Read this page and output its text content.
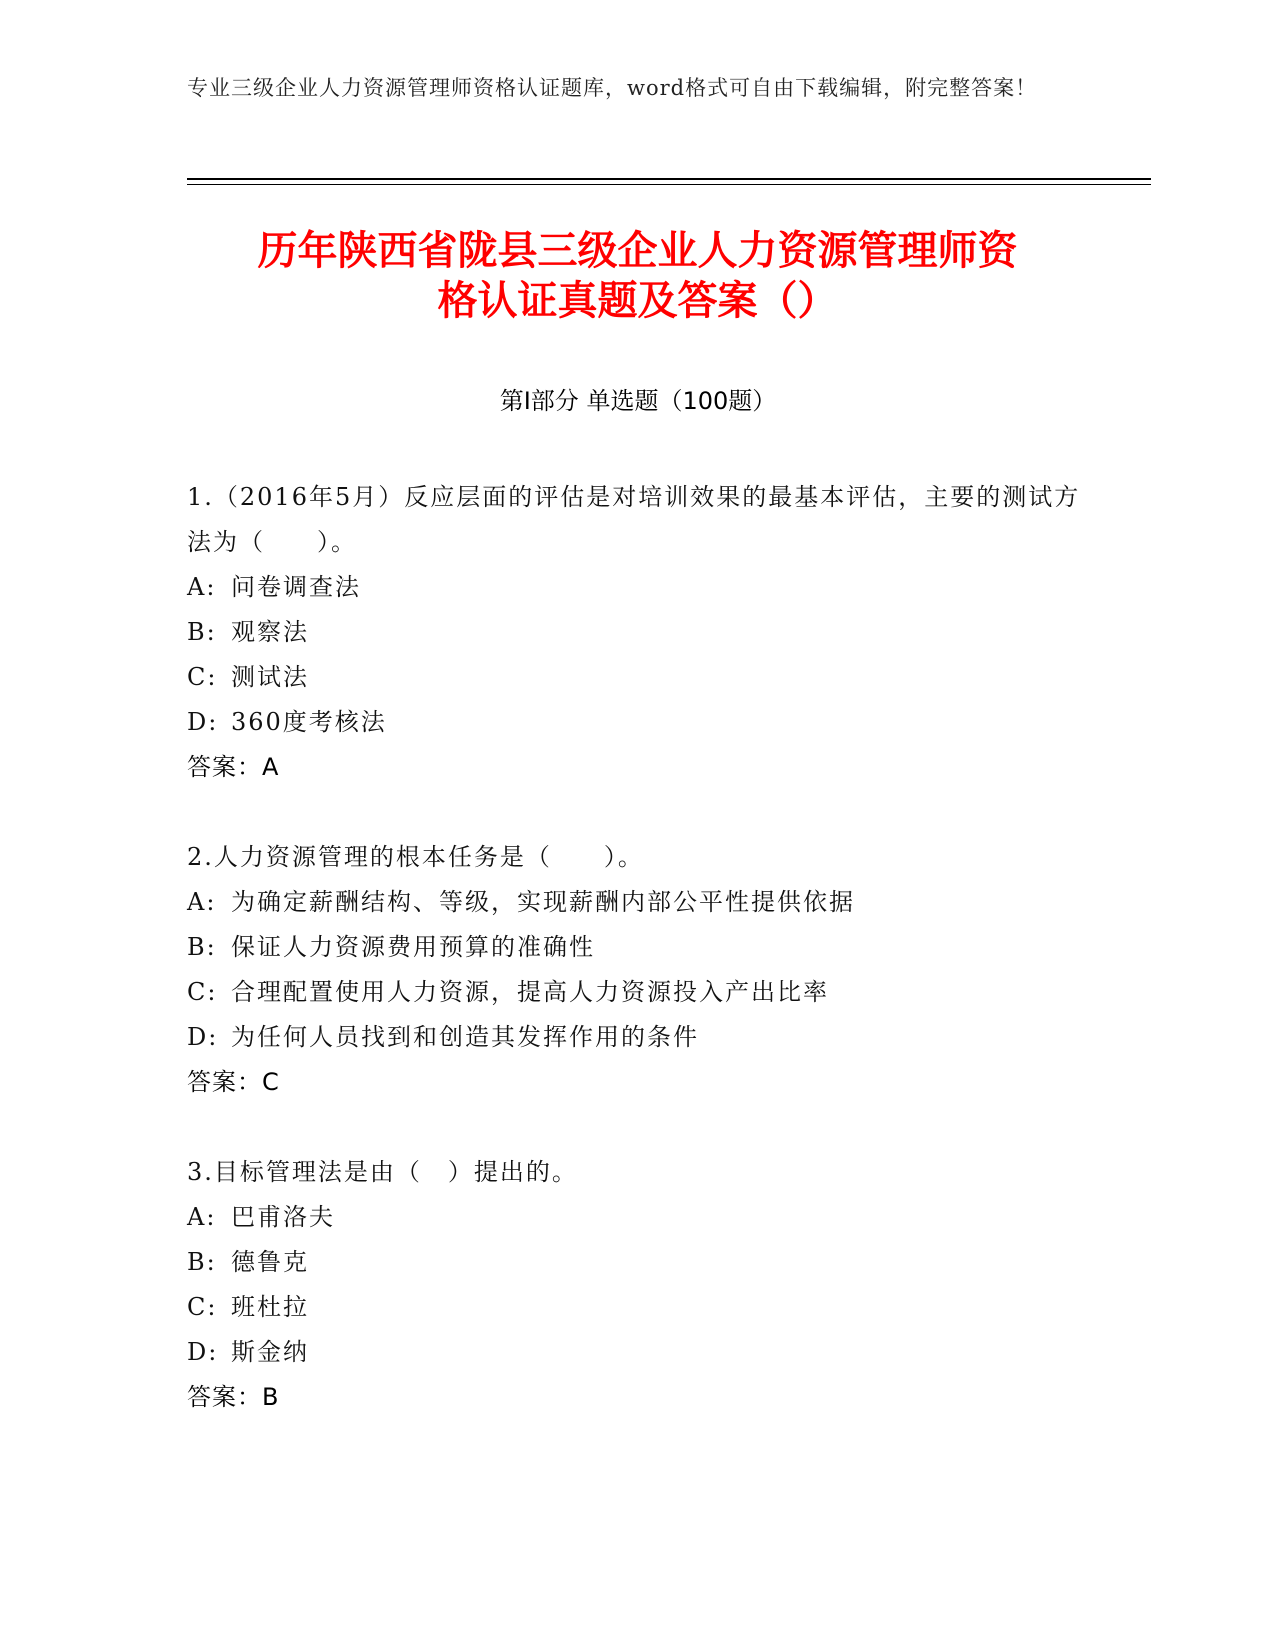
专业三级企业人力资源管理师资格认证题库，word格式可自由下载编辑，附完整答案！
历年陕西省陇县三级企业人力资源管理师资
格认证真题及答案（）
第I部分 单选题（100题）
1.（2016年5月）反应层面的评估是对培训效果的最基本评估，主要的测试方法为（　　）。
A: 问卷调查法
B: 观察法
C: 测试法
D: 360度考核法
答案：A
2.人力资源管理的根本任务是（　　）。
A: 为确定薪酬结构、等级，实现薪酬内部公平性提供依据
B: 保证人力资源费用预算的准确性
C: 合理配置使用人力资源，提高人力资源投入产出比率
D: 为任何人员找到和创造其发挥作用的条件
答案：C
3.目标管理法是由（　）提出的。
A: 巴甫洛夫
B: 德鲁克
C: 班杜拉
D: 斯金纳
答案：B
